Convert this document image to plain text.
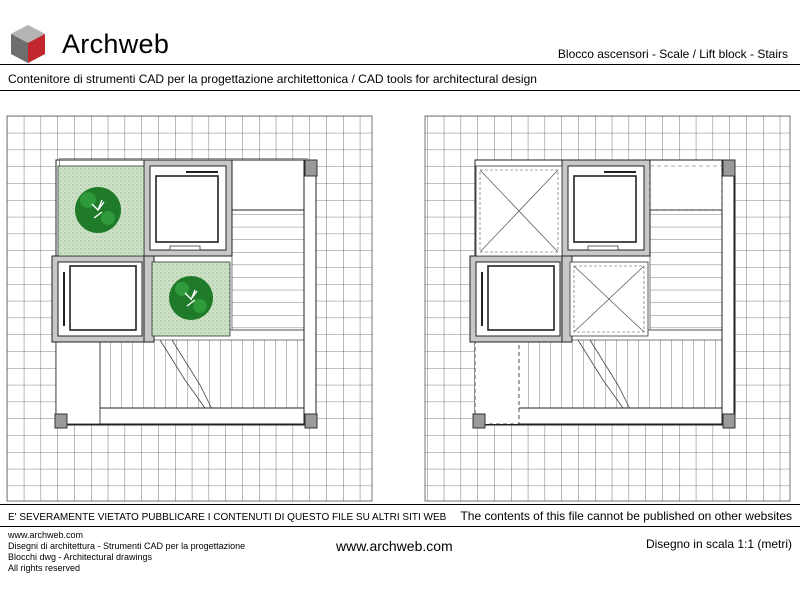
Archweb	Blocco ascensori - Scale / Lift block - Stairs
Contenitore di strumenti CAD per la progettazione architettonica / CAD tools for architectural design
E' SEVERAMENTE VIETATO PUBBLICARE I CONTENUTI DI QUESTO FILE SU ALTRI SITI WEB The contents of this file cannot be published on other websites
www.archweb.com
Disegni di architettura - Strumenti CAD per la progettazione
Blocchi dwg - Architectural drawings
All rights reserved
www.archweb.com	Disegno in scala 1:1 (metri)
